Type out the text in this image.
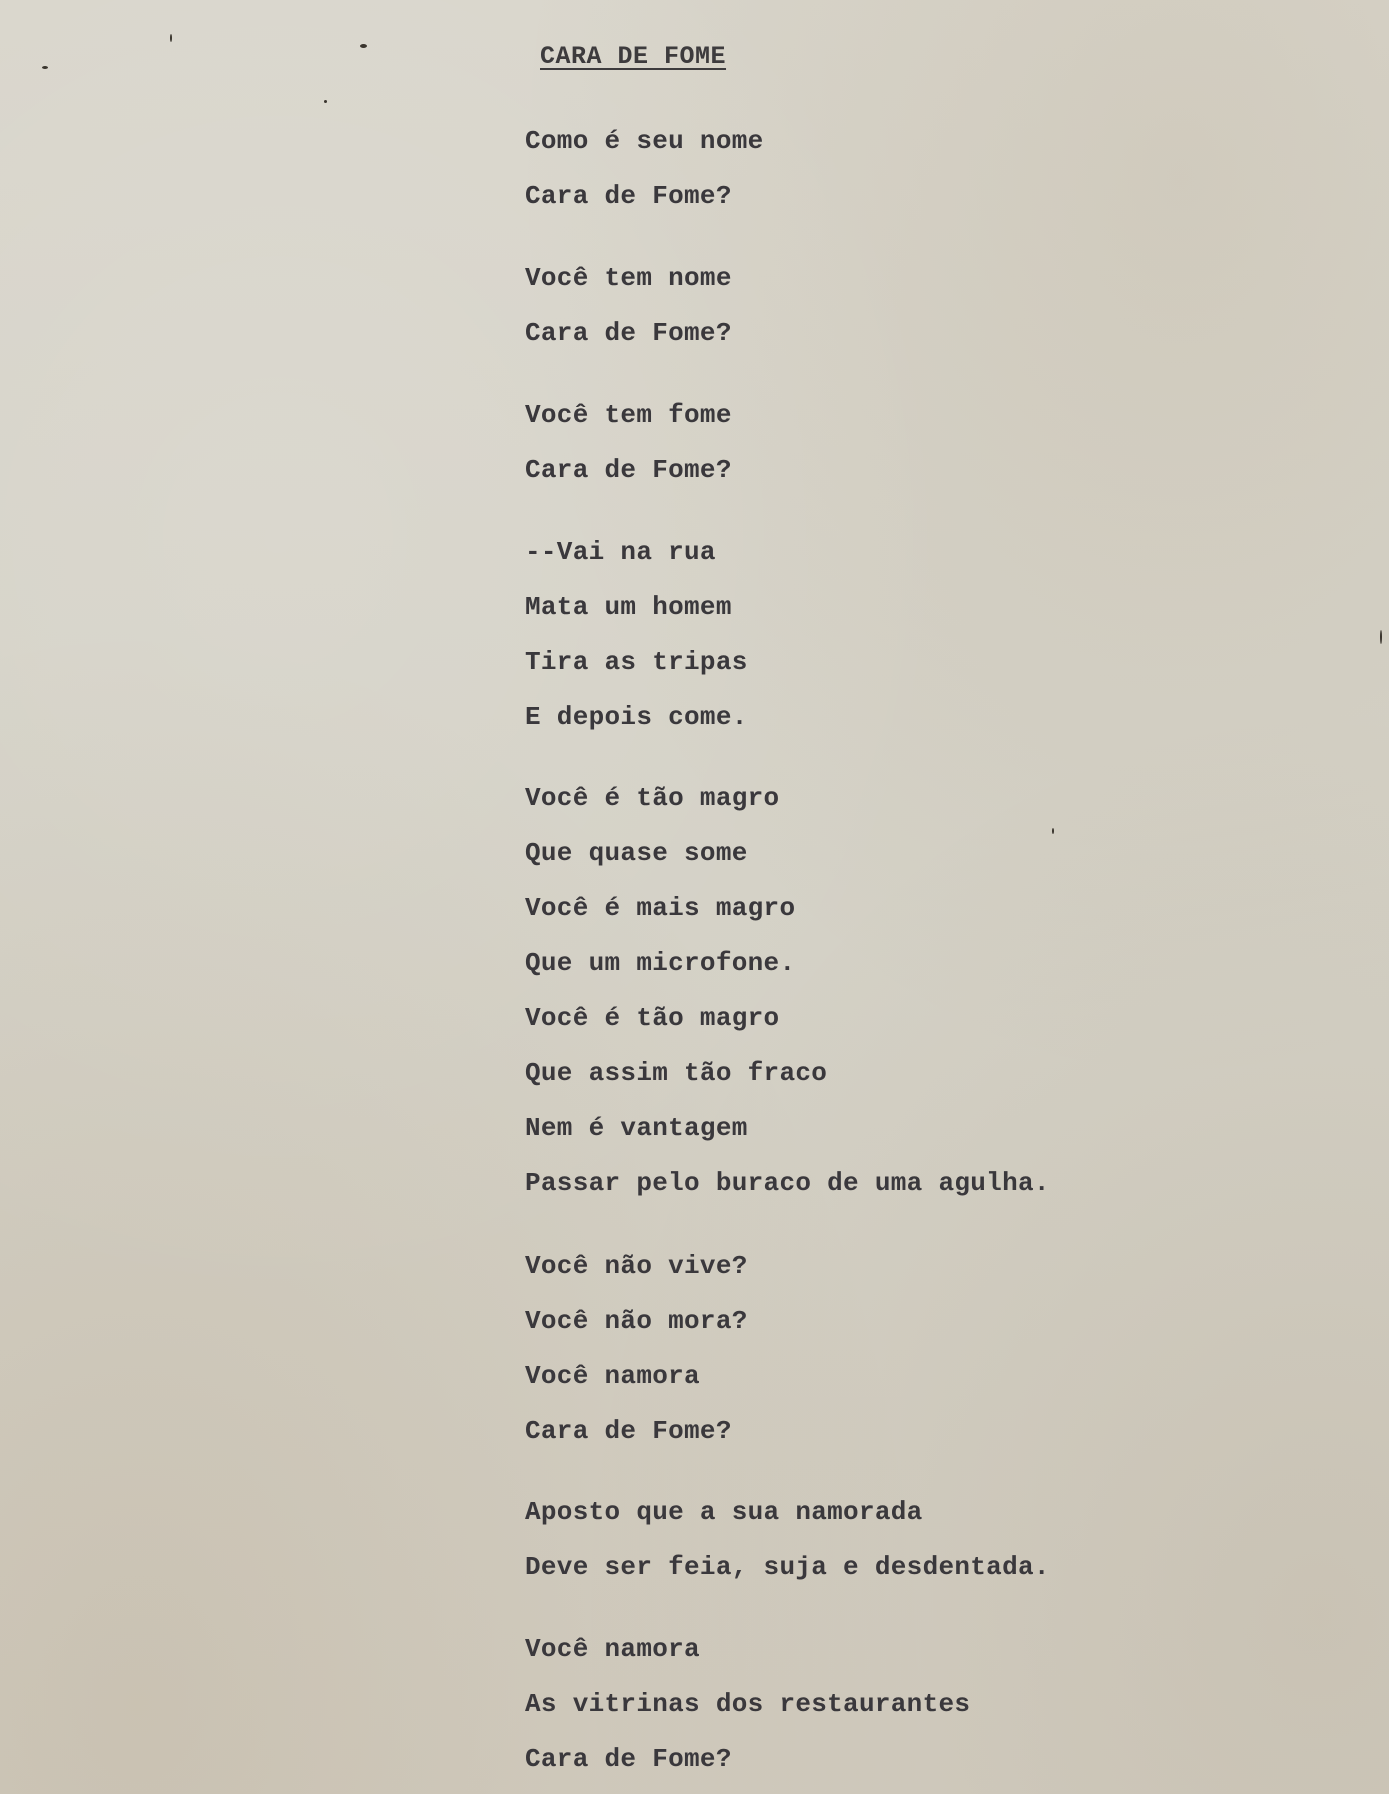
CARA DE FOME
Como é seu nome
Cara de Fome?
Você tem nome
Cara de Fome?
Você tem fome
Cara de Fome?
--Vai na rua
Mata um homem
Tira as tripas
E depois come.
Você é tão magro
Que quase some
Você é mais magro
Que um microfone.
Você é tão magro
Que assim tão fraco
Nem é vantagem
Passar pelo buraco de uma agulha.
Você não vive?
Você não mora?
Você namora
Cara de Fome?
Aposto que a sua namorada
Deve ser feia, suja e desdentada.
Você namora
As vitrinas dos restaurantes
Cara de Fome?
